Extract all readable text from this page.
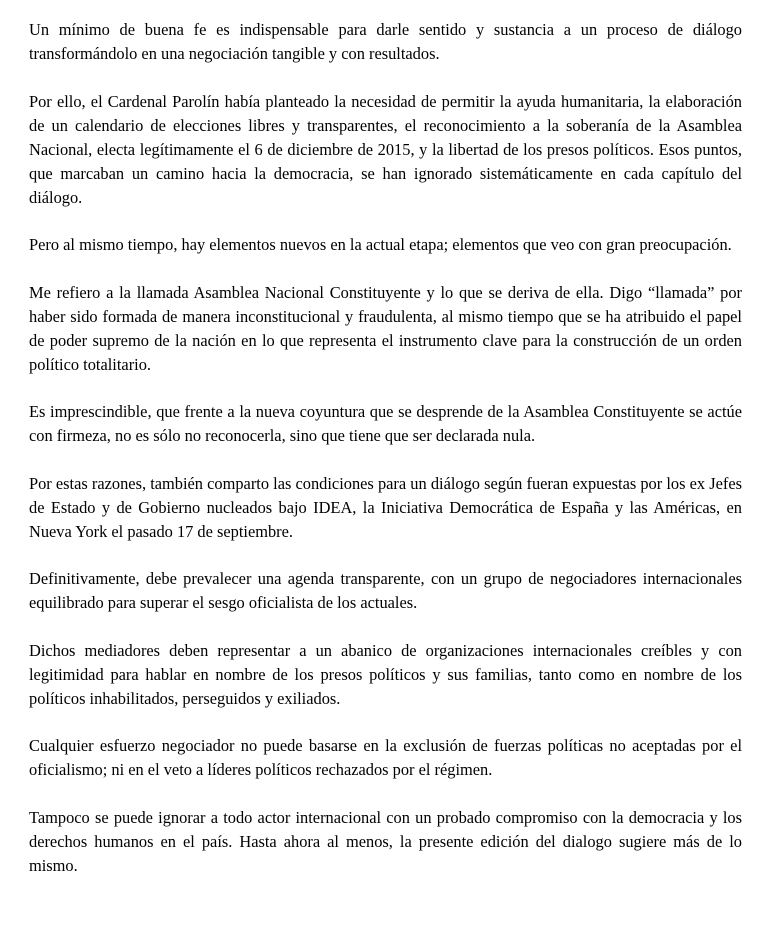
Un mínimo de buena fe es indispensable para darle sentido y sustancia a un proceso de diálogo transformándolo en una negociación tangible y con resultados.

Por ello, el Cardenal Parolín había planteado la necesidad de permitir la ayuda humanitaria, la elaboración de un calendario de elecciones libres y transparentes, el reconocimiento a la soberanía de la Asamblea Nacional, electa legítimamente el 6 de diciembre de 2015, y la libertad de los presos políticos. Esos puntos, que marcaban un camino hacia la democracia, se han ignorado sistemáticamente en cada capítulo del diálogo.

Pero al mismo tiempo, hay elementos nuevos en la actual etapa; elementos que veo con gran preocupación.

Me refiero a la llamada Asamblea Nacional Constituyente y lo que se deriva de ella. Digo “llamada” por haber sido formada de manera inconstitucional y fraudulenta, al mismo tiempo que se ha atribuido el papel de poder supremo de la nación en lo que representa el instrumento clave para la construcción de un orden político totalitario.

Es imprescindible, que frente a la nueva coyuntura que se desprende de la Asamblea Constituyente se actúe con firmeza, no es sólo no reconocerla, sino que tiene que ser declarada nula.

Por estas razones, también comparto las condiciones para un diálogo según fueran expuestas por los ex Jefes de Estado y de Gobierno nucleados bajo IDEA, la Iniciativa Democrática de España y las Américas, en Nueva York el pasado 17 de septiembre.

Definitivamente, debe prevalecer una agenda transparente, con un grupo de negociadores internacionales equilibrado para superar el sesgo oficialista de los actuales.

Dichos mediadores deben representar a un abanico de organizaciones internacionales creíbles y con legitimidad para hablar en nombre de los presos políticos y sus familias, tanto como en nombre de los políticos inhabilitados, perseguidos y exiliados.

Cualquier esfuerzo negociador no puede basarse en la exclusión de fuerzas políticas no aceptadas por el oficialismo; ni en el veto a líderes políticos rechazados por el régimen.

Tampoco se puede ignorar a todo actor internacional con un probado compromiso con la democracia y los derechos humanos en el país. Hasta ahora al menos, la presente edición del dialogo sugiere más de lo mismo.
